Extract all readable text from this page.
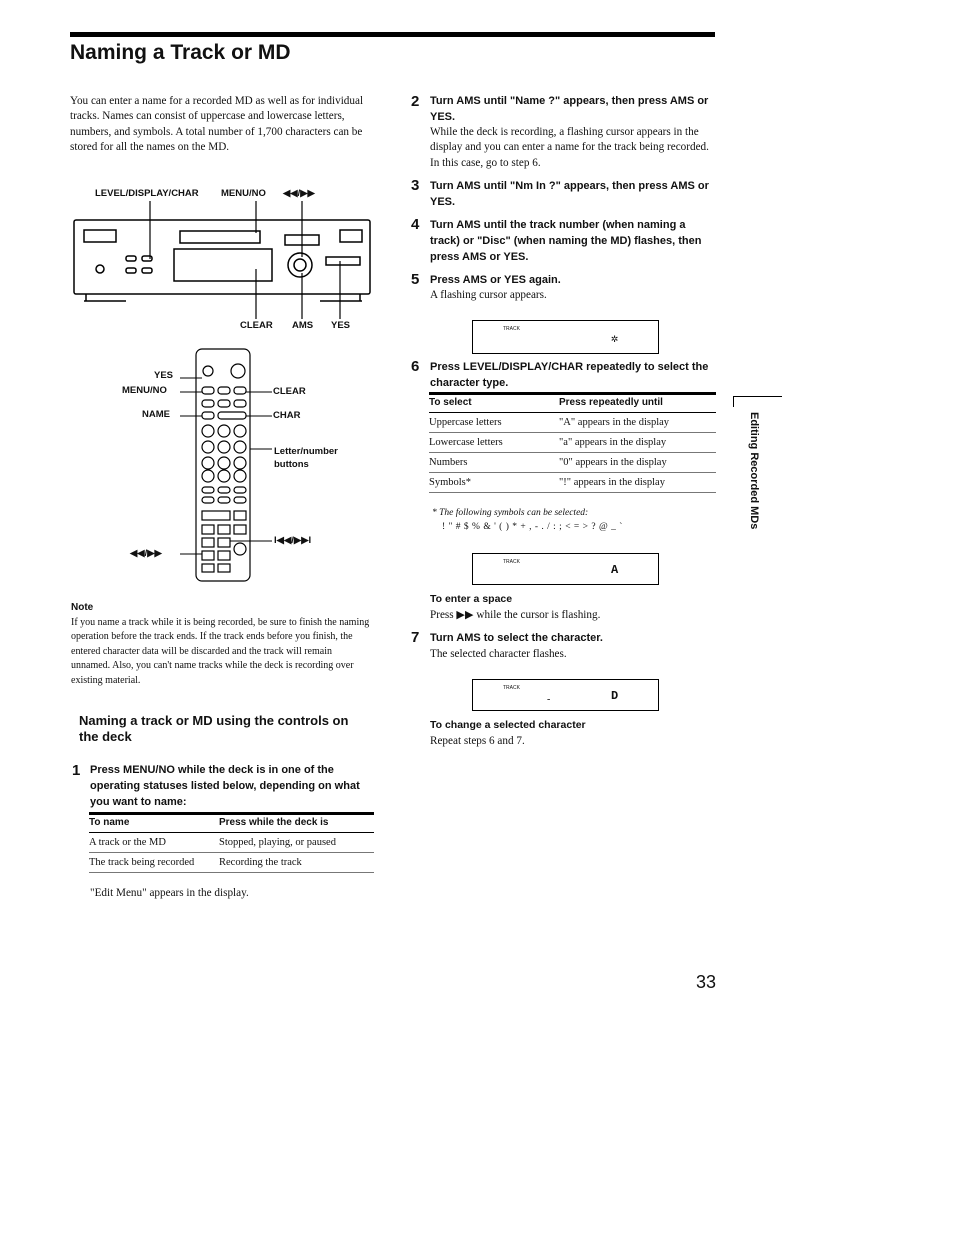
Naming a Track or MD
You can enter a name for a recorded MD as well as for individual tracks. Names can consist of uppercase and lowercase letters, numbers, and symbols. A total number of 1,700 characters can be stored for all the names on the MD.
LEVEL/DISPLAY/CHAR MENU/NO ◀◀/▶▶
CLEAR AMS YES
YES
MENU/NO
NAME
CLEAR
CHAR
Letter/number buttons
I◀◀/▶▶I
◀◀/▶▶
Note
If you name a track while it is being recorded, be sure to finish the naming operation before the track ends. If the track ends before you finish, the entered character data will be discarded and the track will remain unnamed. Also, you can't name tracks while the deck is recording over existing material.
Naming a track or MD using the controls on the deck
1 Press MENU/NO while the deck is in one of the operating statuses listed below, depending on what you want to name:
To name	Press while the deck is
A track or the MD	Stopped, playing, or paused
The track being recorded	Recording the track
"Edit Menu" appears in the display.
2 Turn AMS until "Name ?" appears, then press AMS or YES.
While the deck is recording, a flashing cursor appears in the display and you can enter a name for the track being recorded. In this case, go to step 6.
3 Turn AMS until "Nm In ?" appears, then press AMS or YES.
4 Turn AMS until the track number (when naming a track) or "Disc" (when naming the MD) flashes, then press AMS or YES.
5 Press AMS or YES again.
A flashing cursor appears.
TRACK
✲
6 Press LEVEL/DISPLAY/CHAR repeatedly to select the character type.
To select	Press repeatedly until
Uppercase letters	"A" appears in the display
Lowercase letters	"a" appears in the display
Numbers	"0" appears in the display
Symbols*	"!" appears in the display
* The following symbols can be selected:
! " # $ % & ' ( ) * + , - . / : ; < = > ? @ _ `
TRACK
A
To enter a space
Press ▶▶ while the cursor is flashing.
7 Turn AMS to select the character.
The selected character flashes.
TRACK
-	D
To change a selected character
Repeat steps 6 and 7.
Editing Recorded MDs
33
